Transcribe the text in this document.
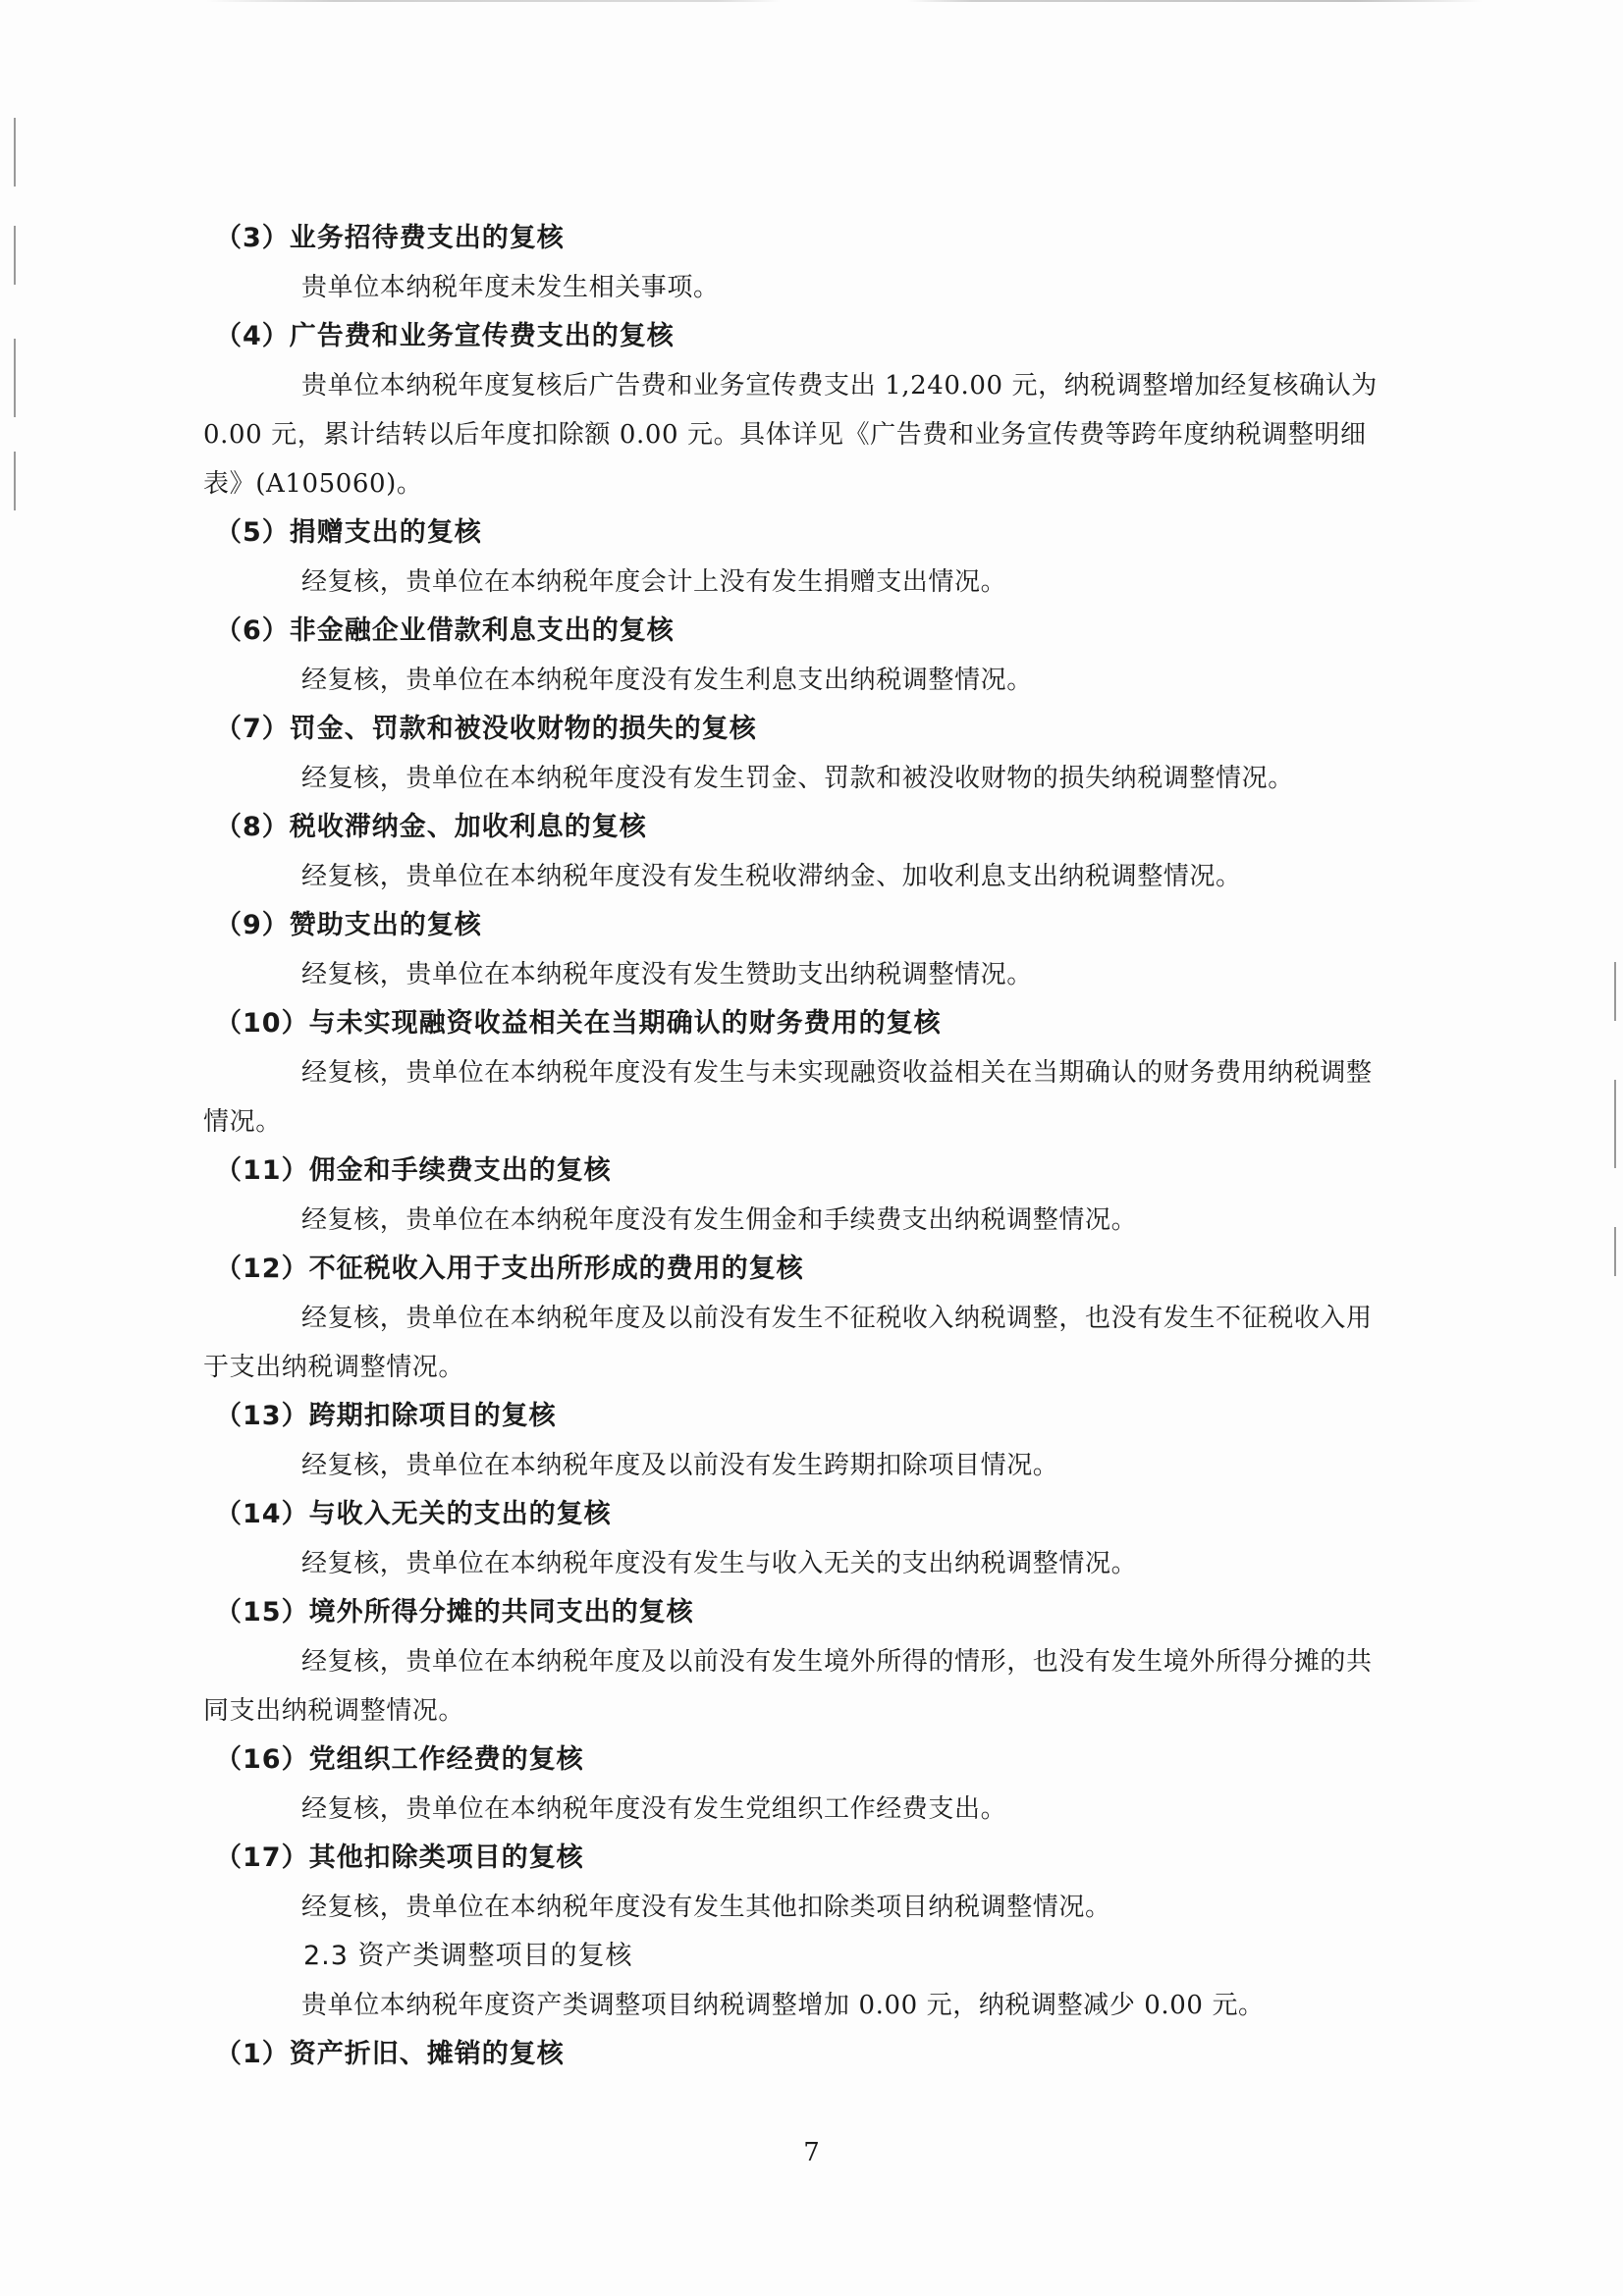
（3）业务招待费支出的复核
贵单位本纳税年度未发生相关事项。
（4）广告费和业务宣传费支出的复核
贵单位本纳税年度复核后广告费和业务宣传费支出 1,240.00 元，纳税调整增加经复核确认为 0.00 元，累计结转以后年度扣除额 0.00 元。具体详见《广告费和业务宣传费等跨年度纳税调整明细表》(A105060)。
（5）捐赠支出的复核
经复核，贵单位在本纳税年度会计上没有发生捐赠支出情况。
（6）非金融企业借款利息支出的复核
经复核，贵单位在本纳税年度没有发生利息支出纳税调整情况。
（7）罚金、罚款和被没收财物的损失的复核
经复核，贵单位在本纳税年度没有发生罚金、罚款和被没收财物的损失纳税调整情况。
（8）税收滞纳金、加收利息的复核
经复核，贵单位在本纳税年度没有发生税收滞纳金、加收利息支出纳税调整情况。
（9）赞助支出的复核
经复核，贵单位在本纳税年度没有发生赞助支出纳税调整情况。
（10）与未实现融资收益相关在当期确认的财务费用的复核
经复核，贵单位在本纳税年度没有发生与未实现融资收益相关在当期确认的财务费用纳税调整情况。
（11）佣金和手续费支出的复核
经复核，贵单位在本纳税年度没有发生佣金和手续费支出纳税调整情况。
（12）不征税收入用于支出所形成的费用的复核
经复核，贵单位在本纳税年度及以前没有发生不征税收入纳税调整，也没有发生不征税收入用于支出纳税调整情况。
（13）跨期扣除项目的复核
经复核，贵单位在本纳税年度及以前没有发生跨期扣除项目情况。
（14）与收入无关的支出的复核
经复核，贵单位在本纳税年度没有发生与收入无关的支出纳税调整情况。
（15）境外所得分摊的共同支出的复核
经复核，贵单位在本纳税年度及以前没有发生境外所得的情形，也没有发生境外所得分摊的共同支出纳税调整情况。
（16）党组织工作经费的复核
经复核，贵单位在本纳税年度没有发生党组织工作经费支出。
（17）其他扣除类项目的复核
经复核，贵单位在本纳税年度没有发生其他扣除类项目纳税调整情况。
2.3 资产类调整项目的复核
贵单位本纳税年度资产类调整项目纳税调整增加 0.00 元，纳税调整减少 0.00 元。
（1）资产折旧、摊销的复核
7
